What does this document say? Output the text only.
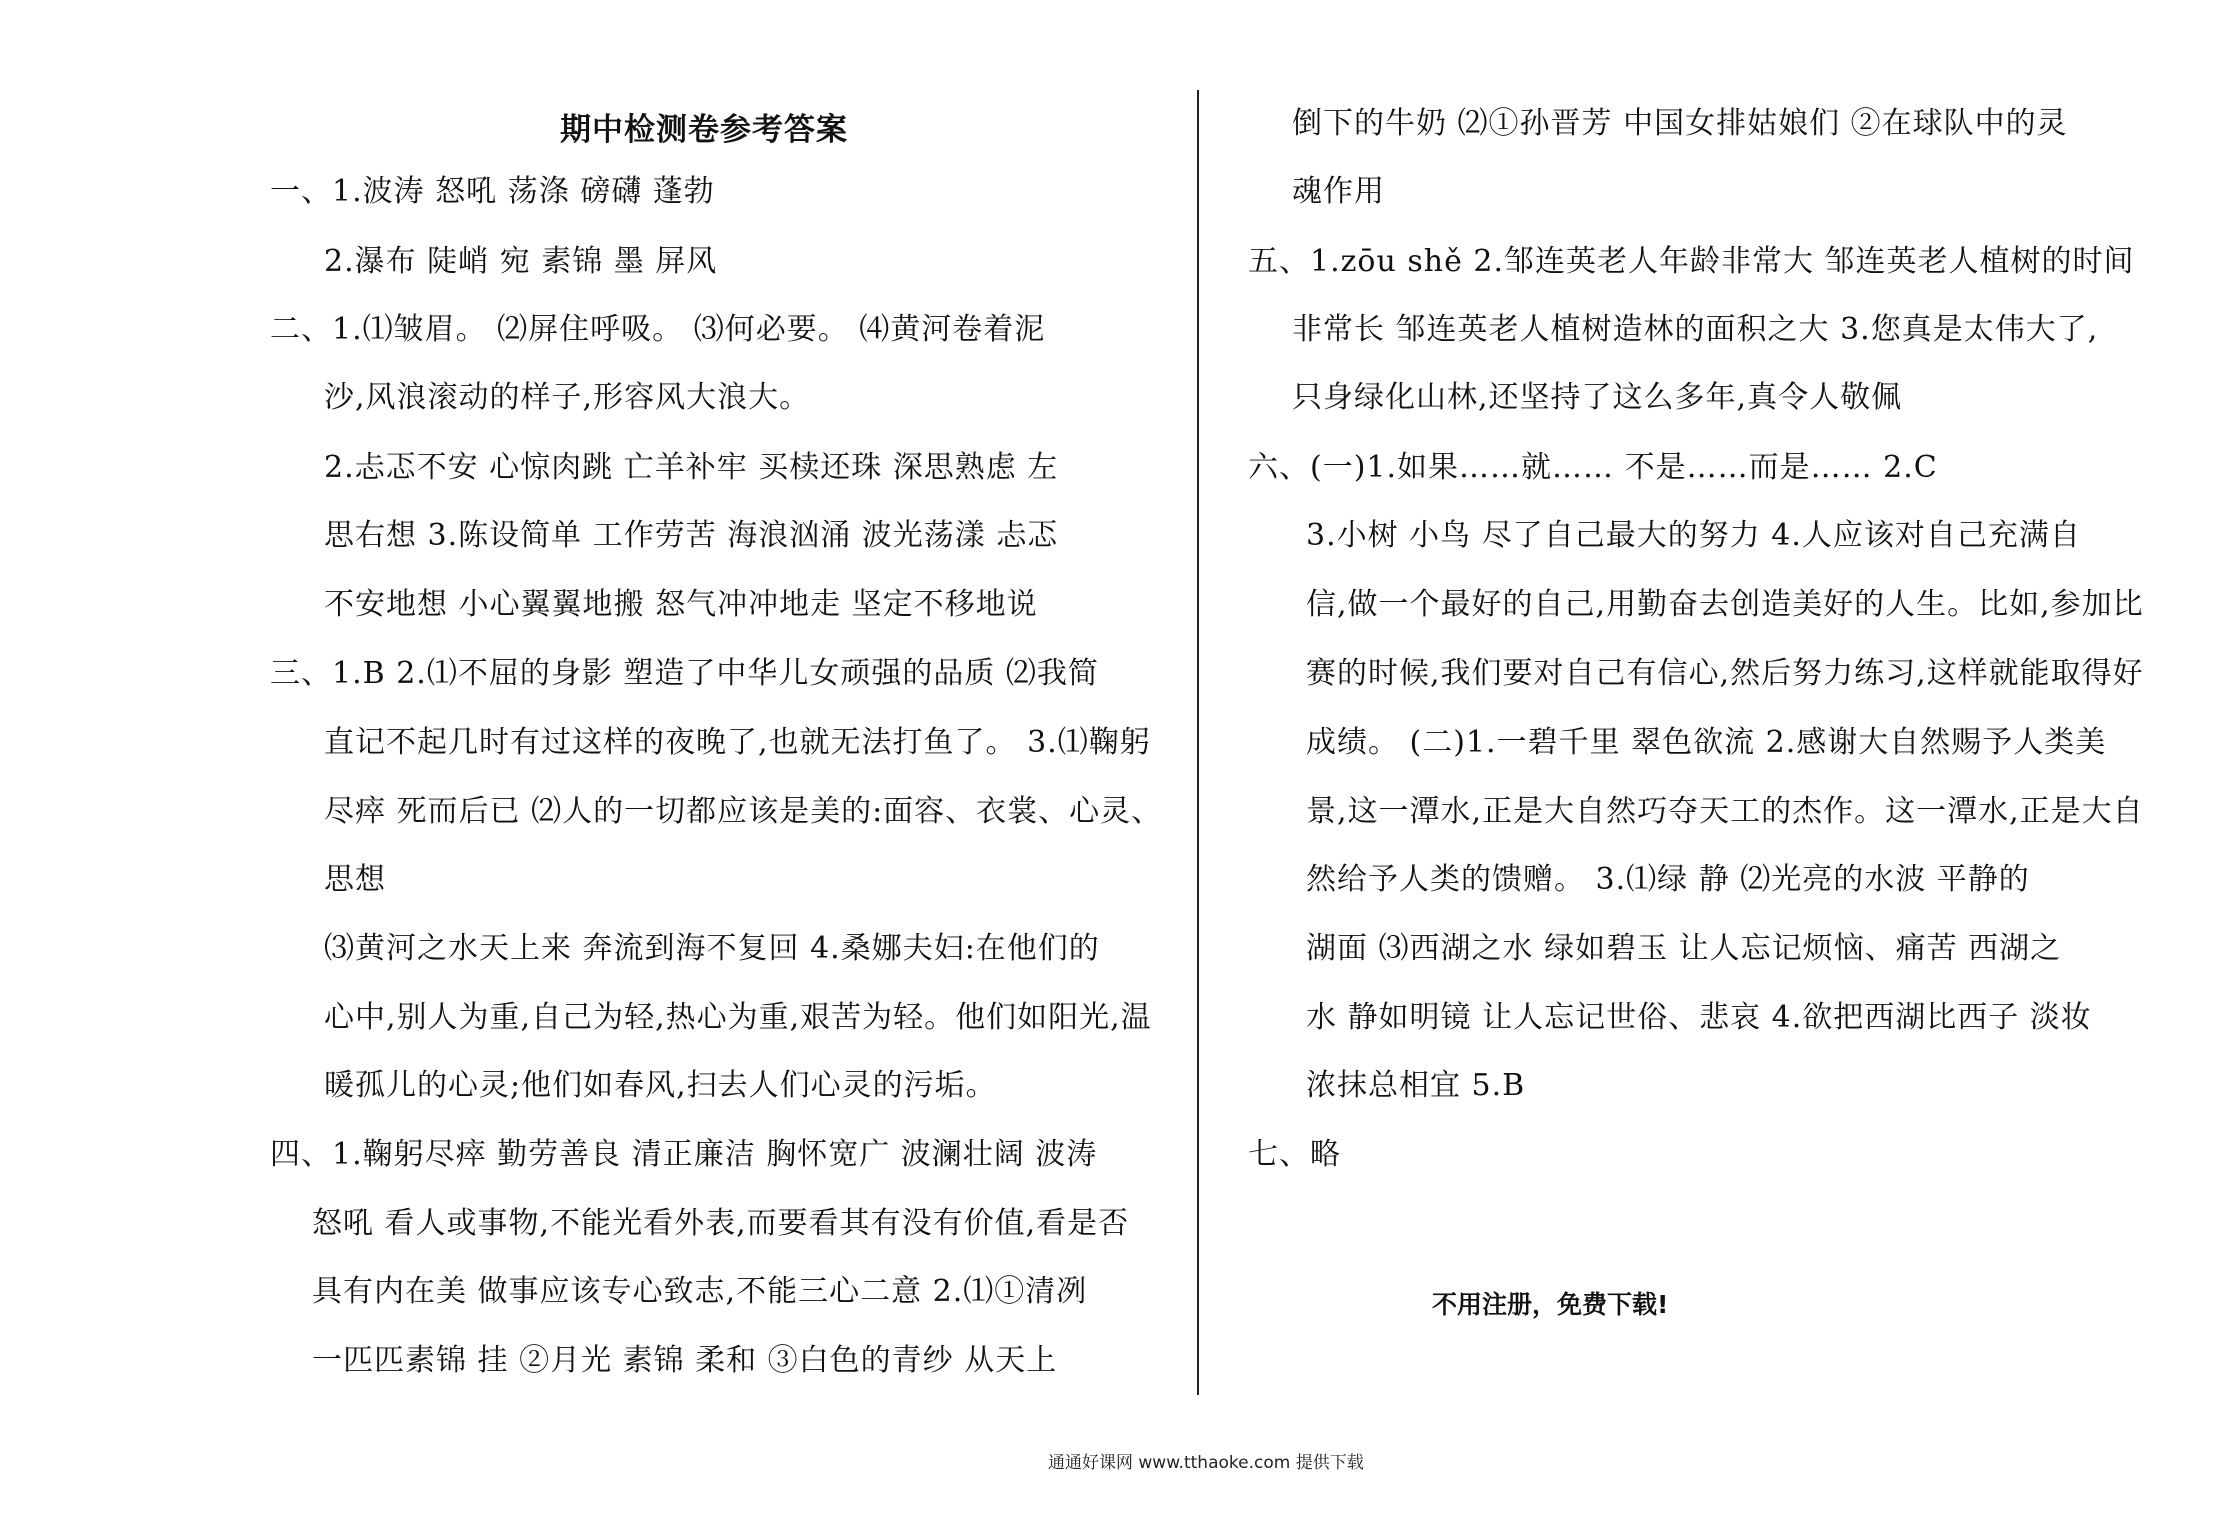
期中检测卷参考答案
一、1.波涛 怒吼 荡涤 磅礴 蓬勃
2.瀑布 陡峭 宛 素锦 墨 屏风
二、1.⑴皱眉。 ⑵屏住呼吸。 ⑶何必要。 ⑷黄河卷着泥
沙,风浪滚动的样子,形容风大浪大。
2.忐忑不安 心惊肉跳 亡羊补牢 买椟还珠 深思熟虑 左
思右想 3.陈设简单 工作劳苦 海浪汹涌 波光荡漾 忐忑
不安地想 小心翼翼地搬 怒气冲冲地走 坚定不移地说
三、1.B 2.⑴不屈的身影 塑造了中华儿女顽强的品质 ⑵我简
直记不起几时有过这样的夜晚了,也就无法打鱼了。 3.⑴鞠躬
尽瘁 死而后已 ⑵人的一切都应该是美的:面容、衣裳、心灵、
思想
⑶黄河之水天上来 奔流到海不复回 4.桑娜夫妇:在他们的
心中,别人为重,自己为轻,热心为重,艰苦为轻。他们如阳光,温
暖孤儿的心灵;他们如春风,扫去人们心灵的污垢。
四、1.鞠躬尽瘁 勤劳善良 清正廉洁 胸怀宽广 波澜壮阔 波涛
怒吼 看人或事物,不能光看外表,而要看其有没有价值,看是否
具有内在美 做事应该专心致志,不能三心二意 2.⑴①清冽
一匹匹素锦 挂 ②月光 素锦 柔和 ③白色的青纱 从天上
倒下的牛奶 ⑵①孙晋芳 中国女排姑娘们 ②在球队中的灵
魂作用
五、1.zōu shě 2.邹连英老人年龄非常大 邹连英老人植树的时间
非常长 邹连英老人植树造林的面积之大 3.您真是太伟大了,
只身绿化山林,还坚持了这么多年,真令人敬佩
六、(一)1.如果……就…… 不是……而是…… 2.C
3.小树 小鸟 尽了自己最大的努力 4.人应该对自己充满自
信,做一个最好的自己,用勤奋去创造美好的人生。比如,参加比
赛的时候,我们要对自己有信心,然后努力练习,这样就能取得好
成绩。 (二)1.一碧千里 翠色欲流 2.感谢大自然赐予人类美
景,这一潭水,正是大自然巧夺天工的杰作。这一潭水,正是大自
然给予人类的馈赠。 3.⑴绿 静 ⑵光亮的水波 平静的
湖面 ⑶西湖之水 绿如碧玉 让人忘记烦恼、痛苦 西湖之
水 静如明镜 让人忘记世俗、悲哀 4.欲把西湖比西子 淡妆
浓抹总相宜 5.B
七、略
不用注册，免费下载!
通通好课网 www.tthaoke.com 提供下载
